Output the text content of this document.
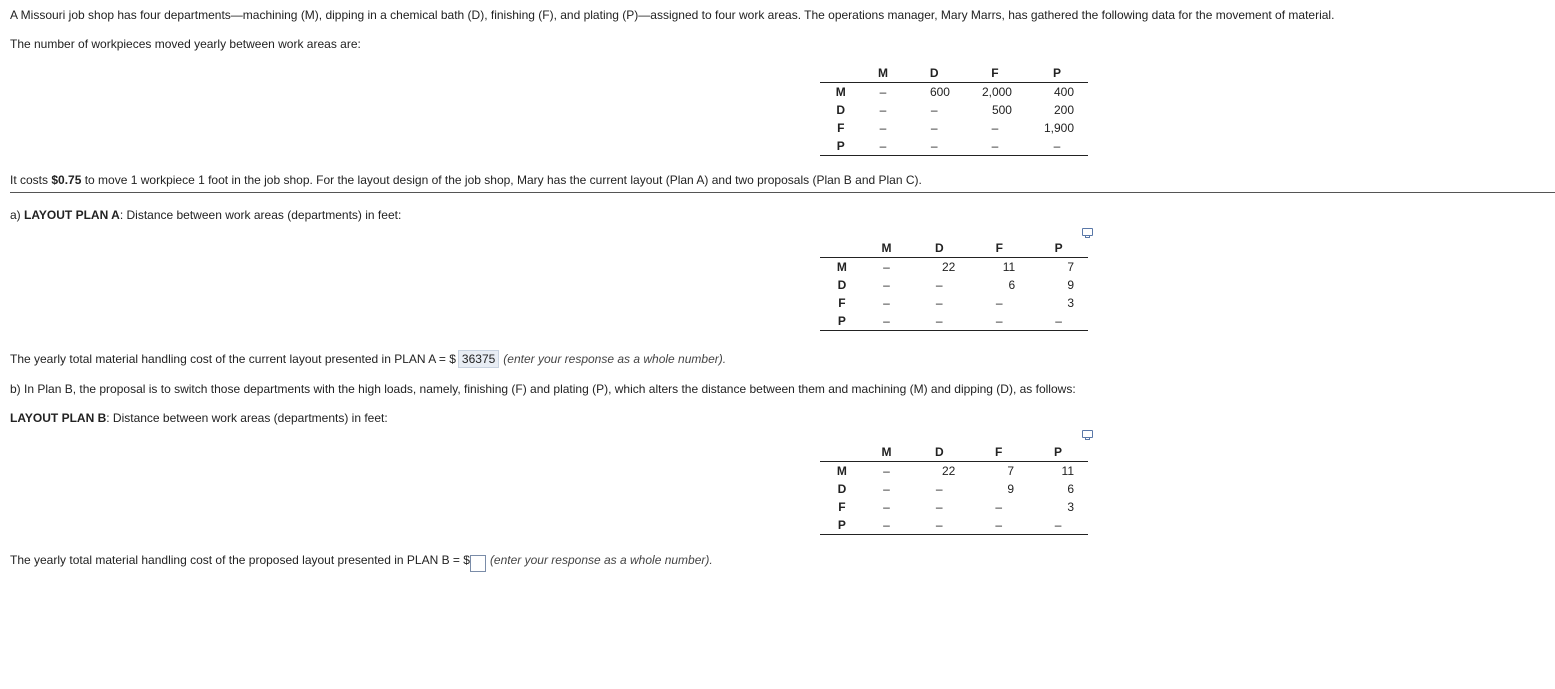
A Missouri job shop has four departments—machining (M), dipping in a chemical bath (D), finishing (F), and plating (P)—assigned to four work areas. The operations manager, Mary Marrs, has gathered the following data for the movement of material.
The number of workpieces moved yearly between work areas are:
	M	D	F	P
M	–	600	2,000	400
D	–	–	500	200
F	–	–	–	1,900
P	–	–	–	–
It costs $0.75 to move 1 workpiece 1 foot in the job shop. For the layout design of the job shop, Mary has the current layout (Plan A) and two proposals (Plan B and Plan C).
a) LAYOUT PLAN A: Distance between work areas (departments) in feet:
	M	D	F	P
M	–	22	11	7
D	–	–	6	9
F	–	–	–	3
P	–	–	–	–
The yearly total material handling cost of the current layout presented in PLAN A = $ 36375 (enter your response as a whole number).
b) In Plan B, the proposal is to switch those departments with the high loads, namely, finishing (F) and plating (P), which alters the distance between them and machining (M) and dipping (D), as follows:
LAYOUT PLAN B: Distance between work areas (departments) in feet:
	M	D	F	P
M	–	22	7	11
D	–	–	9	6
F	–	–	–	3
P	–	–	–	–
The yearly total material handling cost of the proposed layout presented in PLAN B = $ (enter your response as a whole number).
